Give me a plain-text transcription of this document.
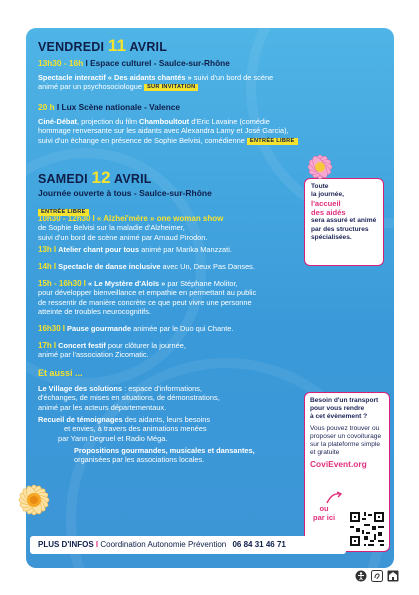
VENDREDI 11 AVRIL
13h30 - 16h I Espace culturel - Saulce-sur-Rhône
Spectacle interactif « Des aidants chantés » suivi d'un bord de scène
animé par un psychosociologue SUR INVITATION
20 h I Lux Scène nationale - Valence
Ciné-Débat, projection du film Chamboultout d'Eric Lavaine (comédie
hommage renversante sur les aidants avec Alexandra Lamy et José Garcia),
suivi d'un échange en présence de Sophie Belvisi, comédienne ENTRÉE LIBRE
SAMEDI 12 AVRIL
Journée ouverte à tous - Saulce-sur-Rhône
ENTRÉE LIBRE
10h30 - 12h30 I « Alzhei'mère » one woman show
de Sophie Belvisi sur la maladie d'Alzheimer,
suivi d'un bord de scène animé par Arnaud Pirodon.
13h I Atelier chant pour tous animé par Marika Manzzati.
14h I Spectacle de danse inclusive avec Un, Deux Pas Danses.
15h - 16h30 I « Le Mystère d'Aloïs » par Stéphane Molitor,
pour développer bienveillance et empathie en permettant au public
de ressentir de manière concrète ce que peut vivre une personne
atteinte de troubles neurocognitifs.
16h30 I Pause gourmande animée par le Duo qui Chante.
17h I Concert festif pour clôturer la journée,
animé par l'association Zicomatic.
Et aussi ...
Le Village des solutions : espace d'informations,
d'échanges, de mises en situations, de démonstrations,
animé par les acteurs départementaux.
Recueil de témoignages des aidants, leurs besoins
et envies, à travers des animations menées
par Yann Degruel et Radio Méga.
Propositions gourmandes, musicales et dansantes,
organisées par les associations locales.
Toute
la journée,
l'accueil
des aidés
sera assuré et animé
par des structures
spécialisées.
Besoin d'un transport
pour vous rendre
à cet évènement ?
Vous pouvez trouver ou
proposer un covoiturage
sur la plateforme simple
et gratuite
CoviEvent.org
ou
par ici
PLUS D'INFOS I Coordination Autonomie Prévention 06 84 31 46 71
